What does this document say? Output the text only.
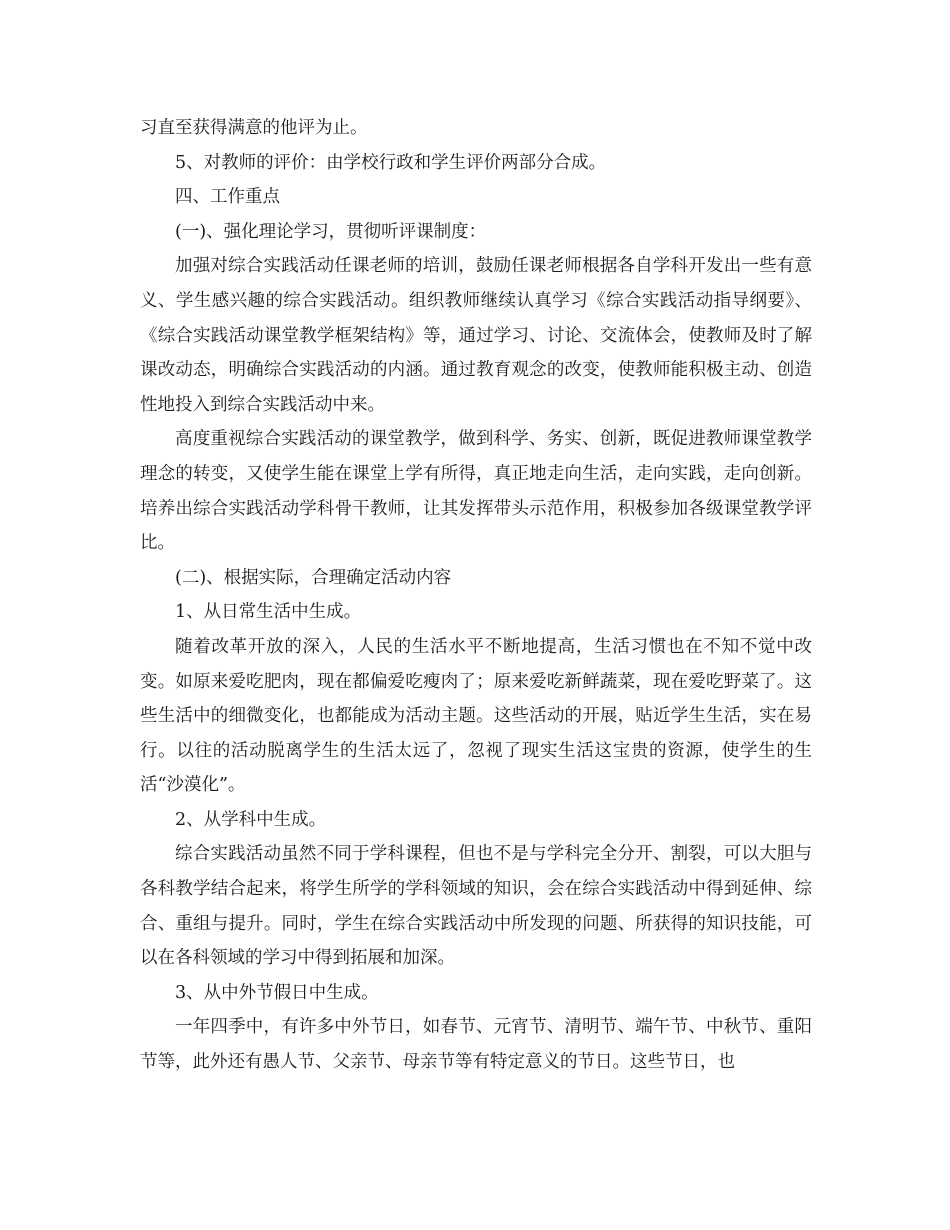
习直至获得满意的他评为止。

5、对教师的评价：由学校行政和学生评价两部分合成。

四、工作重点

(一)、强化理论学习，贯彻听评课制度：

加强对综合实践活动任课老师的培训，鼓励任课老师根据各自学科开发出一些有意义、学生感兴趣的综合实践活动。组织教师继续认真学习《综合实践活动指导纲要》、《综合实践活动课堂教学框架结构》等，通过学习、讨论、交流体会，使教师及时了解课改动态，明确综合实践活动的内涵。通过教育观念的改变，使教师能积极主动、创造性地投入到综合实践活动中来。

高度重视综合实践活动的课堂教学，做到科学、务实、创新，既促进教师课堂教学理念的转变，又使学生能在课堂上学有所得，真正地走向生活，走向实践，走向创新。培养出综合实践活动学科骨干教师，让其发挥带头示范作用，积极参加各级课堂教学评比。

(二)、根据实际，合理确定活动内容

1、从日常生活中生成。

随着改革开放的深入，人民的生活水平不断地提高，生活习惯也在不知不觉中改变。如原来爱吃肥肉，现在都偏爱吃瘦肉了；原来爱吃新鲜蔬菜，现在爱吃野菜了。这些生活中的细微变化，也都能成为活动主题。这些活动的开展，贴近学生生活，实在易行。以往的活动脱离学生的生活太远了，忽视了现实生活这宝贵的资源，使学生的生活“沙漠化”。

2、从学科中生成。

综合实践活动虽然不同于学科课程，但也不是与学科完全分开、割裂，可以大胆与各科教学结合起来，将学生所学的学科领域的知识，会在综合实践活动中得到延伸、综合、重组与提升。同时，学生在综合实践活动中所发现的问题、所获得的知识技能，可以在各科领域的学习中得到拓展和加深。

3、从中外节假日中生成。

一年四季中，有许多中外节日，如春节、元宵节、清明节、端午节、中秋节、重阳节等，此外还有愚人节、父亲节、母亲节等有特定意义的节日。这些节日，也
